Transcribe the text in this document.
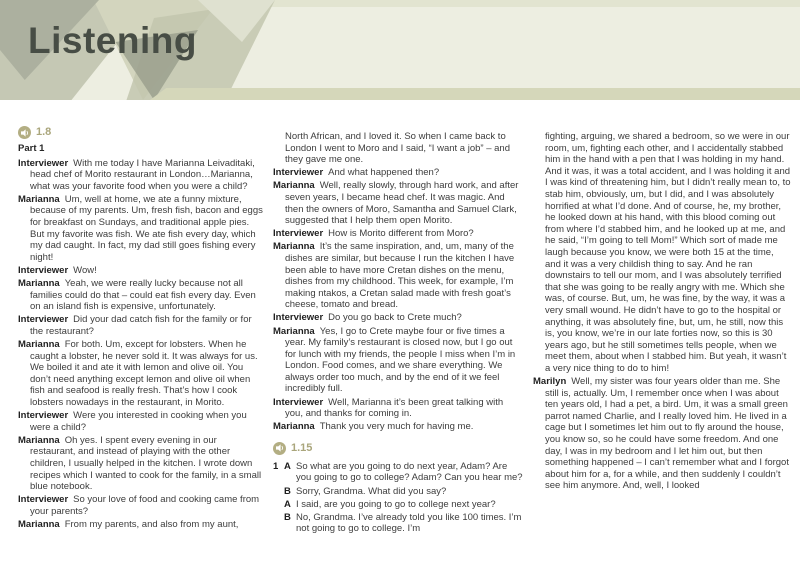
Listening
1.8

Part 1

Interviewer With me today I have Marianna Leivaditaki, head chef of Morito restaurant in London…Marianna, what was your favorite food when you were a child?

Marianna Um, well at home, we ate a funny mixture, because of my parents. Um, fresh fish, bacon and eggs for breakfast on Sundays, and traditional apple pies. But my favorite was fish. We ate fish every day, which my dad caught. In fact, my dad still goes fishing every night!

Interviewer Wow!

Marianna Yeah, we were really lucky because not all families could do that – could eat fish every day. Even on an island fish is expensive, unfortunately.

Interviewer Did your dad catch fish for the family or for the restaurant?

Marianna For both. Um, except for lobsters. When he caught a lobster, he never sold it. It was always for us. We boiled it and ate it with lemon and olive oil. You don’t need anything except lemon and olive oil when fish and seafood is really fresh. That’s how I cook lobsters nowadays in the restaurant, in Morito.

Interviewer Were you interested in cooking when you were a child?

Marianna Oh yes. I spent every evening in our restaurant, and instead of playing with the other children, I usually helped in the kitchen. I wrote down recipes which I wanted to cook for the family, in a small blue notebook.

Interviewer So your love of food and cooking came from your parents?

Marianna From my parents, and also from my aunt,

North African, and I loved it. So when I came back to London I went to Moro and I said, “I want a job” – and they gave me one.

Interviewer And what happened then?

Marianna Well, really slowly, through hard work, and after seven years, I became head chef. It was magic. And then the owners of Moro, Samantha and Samuel Clark, suggested that I help them open Morito.

Interviewer How is Morito different from Moro?

Marianna It’s the same inspiration, and, um, many of the dishes are similar, but because I run the kitchen I have been able to have more Cretan dishes on the menu, dishes from my childhood. This week, for example, I’m making ntakos, a Cretan salad made with fresh goat’s cheese, tomato and bread.

Interviewer Do you go back to Crete much?

Marianna Yes, I go to Crete maybe four or five times a year. My family’s restaurant is closed now, but I go out for lunch with my friends, the people I miss when I’m in London. Food comes, and we share everything. We always order too much, and by the end of it we feel incredibly full.

Interviewer Well, Marianna it’s been great talking with you, and thanks for coming in.

Marianna Thank you very much for having me.

1.15

1 A So what are you going to do next year, Adam? Are you going to go to college? Adam? Can you hear me?

B Sorry, Grandma. What did you say?

A I said, are you going to go to college next year?

B No, Grandma. I’ve already told you like 100 times. I’m not going to go to college. I’m

fighting, arguing, we shared a bedroom, so we were in our room, um, fighting each other, and I accidentally stabbed him in the hand with a pen that I was holding in my hand. And it was, it was a total accident, and I was holding it and I was kind of threatening him, but I didn’t really mean to, to stab him, obviously, um, but I did, and I was absolutely horrified at what I’d done. And of course, he, my brother, he looked down at his hand, with this blood coming out from where I’d stabbed him, and he looked up at me, and he said, “I’m going to tell Mom!” Which sort of made me laugh because you know, we were both 15 at the time, and it was a very childish thing to say. And he ran downstairs to tell our mom, and I was absolutely terrified that she was going to be really angry with me. Which she was, of course. But, um, he was fine, by the way, it was a very small wound. He didn’t have to go to the hospital or anything, it was absolutely fine, but, um, he still, now this is, you know, we’re in our late forties now, so this is 30 years ago, but he still sometimes tells people, when we meet them, about when I stabbed him. But yeah, it wasn’t a very nice thing to do to him!

Marilyn Well, my sister was four years older than me. She still is, actually. Um, I remember once when I was about ten years old, I had a pet, a bird. Um, it was a small green parrot named Charlie, and I really loved him. He lived in a cage but I sometimes let him out to fly around the house, you know so, so he could have some freedom. And one day, I was in my bedroom and I let him out, but then something happened – I can’t remember what and I forgot about him for a, for a while, and then suddenly I couldn’t see him anymore. And, well, I looked
